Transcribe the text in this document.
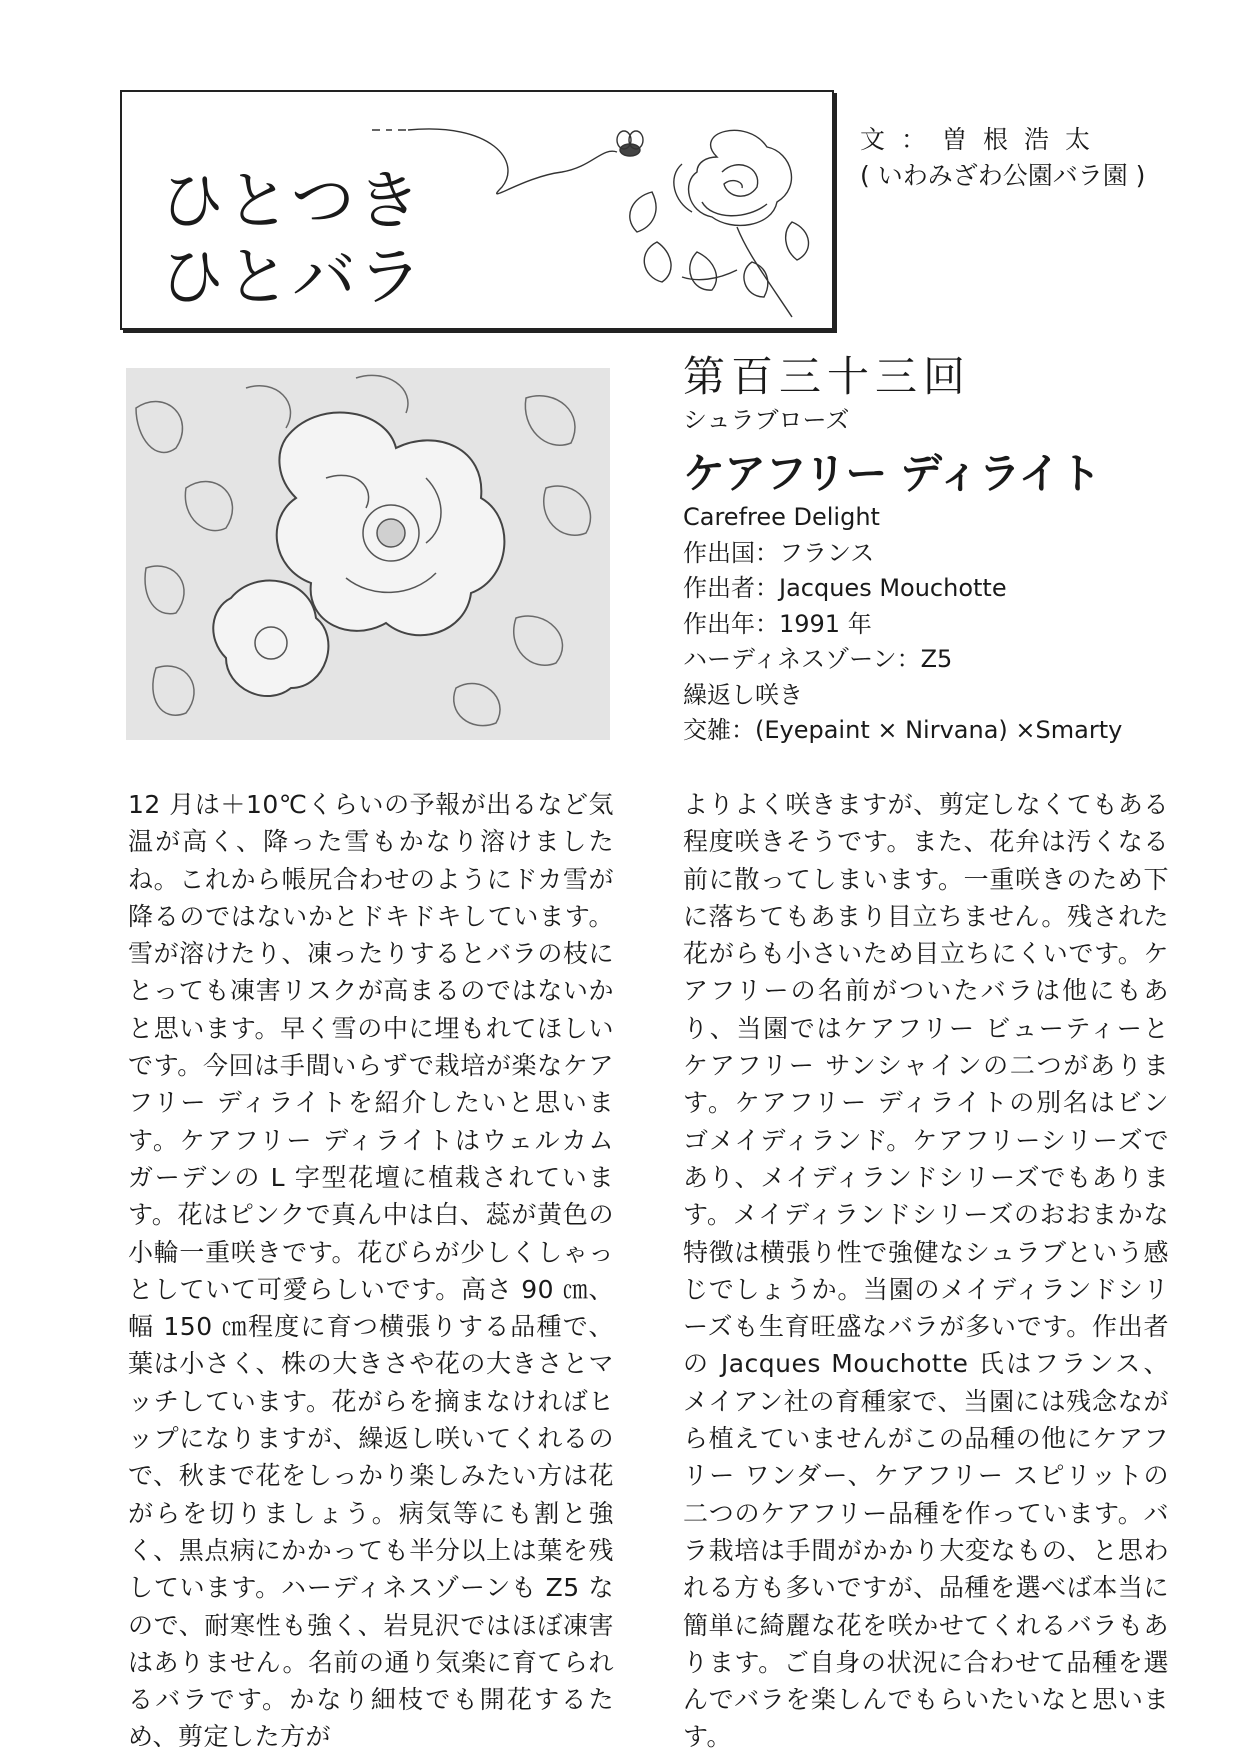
ひとつき
ひとバラ
文：曽根浩太
( いわみざわ公園バラ園 )
第百三十三回
シュラブローズ
ケアフリー ディライト
Carefree Delight
作出国：フランス
作出者：Jacques Mouchotte
作出年：1991 年
ハーディネスゾーン：Z5
繰返し咲き
交雑：(Eyepaint × Nirvana) ×Smarty

12 月は＋10℃くらいの予報が出るなど気温が高く、降った雪もかなり溶けましたね。これから帳尻合わせのようにドカ雪が降るのではないかとドキドキしています。雪が溶けたり、凍ったりするとバラの枝にとっても凍害リスクが高まるのではないかと思います。早く雪の中に埋もれてほしいです。今回は手間いらずで栽培が楽なケアフリー ディライトを紹介したいと思います。ケアフリー ディライトはウェルカムガーデンの L 字型花壇に植栽されています。花はピンクで真ん中は白、蕊が黄色の小輪一重咲きです。花びらが少しくしゃっとしていて可愛らしいです。高さ 90 ㎝、幅 150 ㎝程度に育つ横張りする品種で、葉は小さく、株の大きさや花の大きさとマッチしています。花がらを摘まなければヒップになりますが、繰返し咲いてくれるので、秋まで花をしっかり楽しみたい方は花がらを切りましょう。病気等にも割と強く、黒点病にかかっても半分以上は葉を残しています。ハーディネスゾーンも Z5 なので、耐寒性も強く、岩見沢ではほぼ凍害はありません。名前の通り気楽に育てられるバラです。かなり細枝でも開花するため、剪定した方が

よりよく咲きますが、剪定しなくてもある程度咲きそうです。また、花弁は汚くなる前に散ってしまいます。一重咲きのため下に落ちてもあまり目立ちません。残された花がらも小さいため目立ちにくいです。ケアフリーの名前がついたバラは他にもあり、当園ではケアフリー ビューティーとケアフリー サンシャインの二つがあります。ケアフリー ディライトの別名はビンゴメイディランド。ケアフリーシリーズであり、メイディランドシリーズでもあります。メイディランドシリーズのおおまかな特徴は横張り性で強健なシュラブという感じでしょうか。当園のメイディランドシリーズも生育旺盛なバラが多いです。作出者の Jacques Mouchotte 氏はフランス、メイアン社の育種家で、当園には残念ながら植えていませんがこの品種の他にケアフリー ワンダー、ケアフリー スピリットの二つのケアフリー品種を作っています。バラ栽培は手間がかかり大変なもの、と思われる方も多いですが、品種を選べば本当に簡単に綺麗な花を咲かせてくれるバラもあります。ご自身の状況に合わせて品種を選んでバラを楽しんでもらいたいなと思います。
